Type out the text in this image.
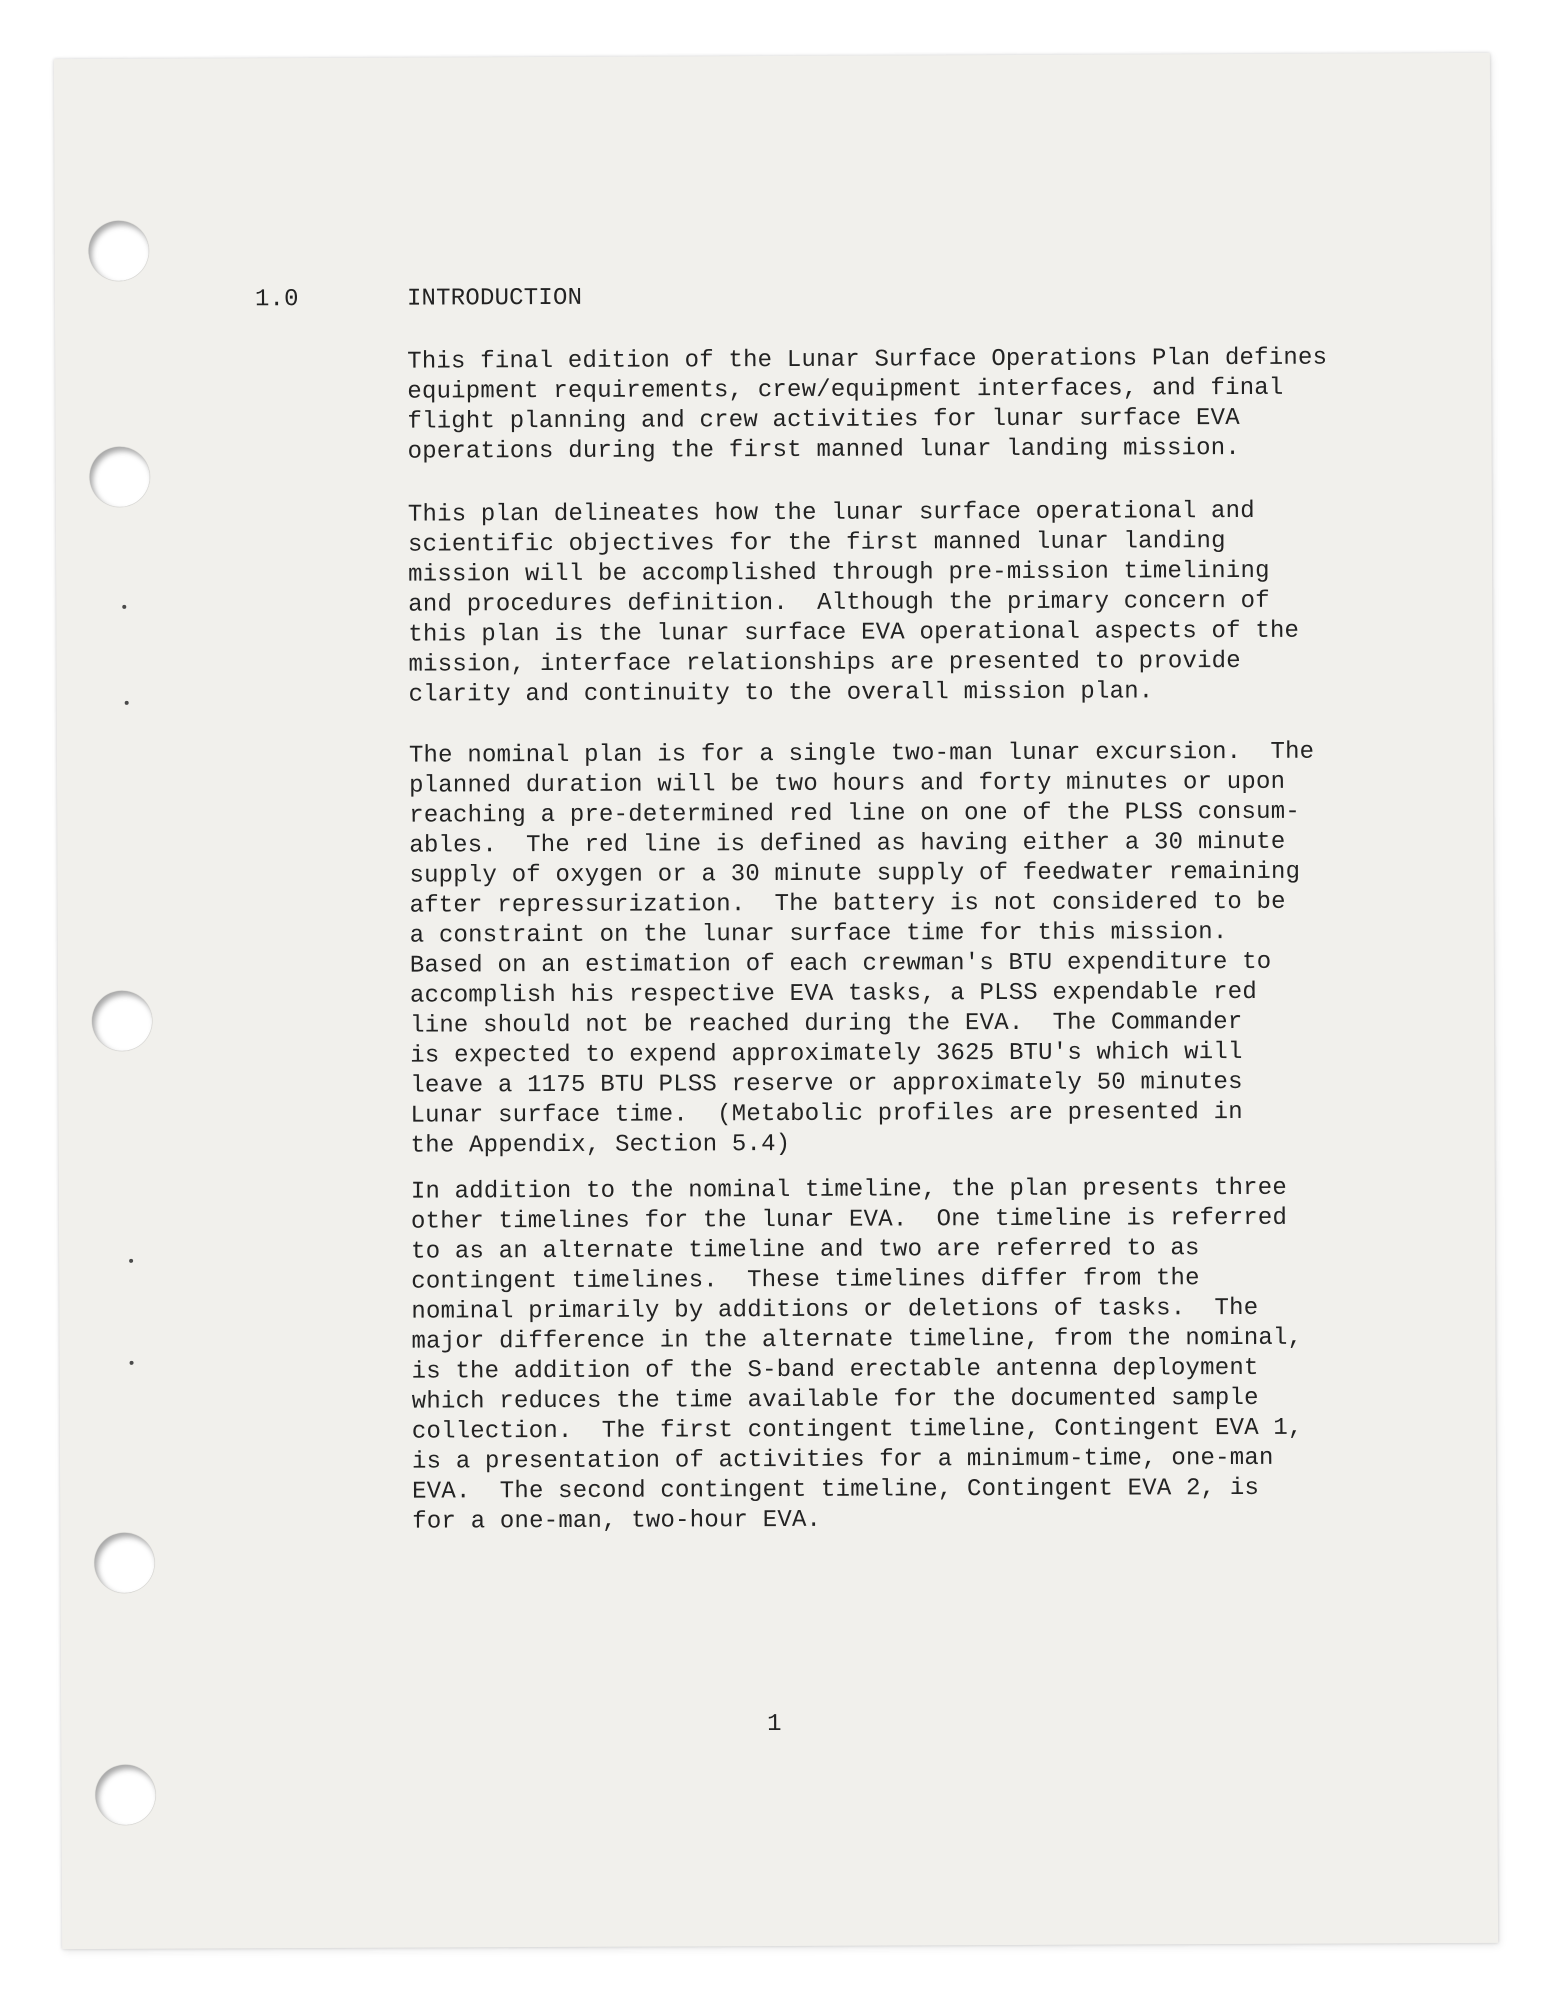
1.0	INTRODUCTION
This final edition of the Lunar Surface Operations Plan defines
equipment requirements, crew/equipment interfaces, and final
flight planning and crew activities for lunar surface EVA
operations during the first manned lunar landing mission.
This plan delineates how the lunar surface operational and
scientific objectives for the first manned lunar landing
mission will be accomplished through pre-mission timelining
and procedures definition.  Although the primary concern of
this plan is the lunar surface EVA operational aspects of the
mission, interface relationships are presented to provide
clarity and continuity to the overall mission plan.
The nominal plan is for a single two-man lunar excursion.  The
planned duration will be two hours and forty minutes or upon
reaching a pre-determined red line on one of the PLSS consum-
ables.  The red line is defined as having either a 30 minute
supply of oxygen or a 30 minute supply of feedwater remaining
after repressurization.  The battery is not considered to be
a constraint on the lunar surface time for this mission.
Based on an estimation of each crewman's BTU expenditure to
accomplish his respective EVA tasks, a PLSS expendable red
line should not be reached during the EVA.  The Commander
is expected to expend approximately 3625 BTU's which will
leave a 1175 BTU PLSS reserve or approximately 50 minutes
Lunar surface time.  (Metabolic profiles are presented in
the Appendix, Section 5.4)
In addition to the nominal timeline, the plan presents three
other timelines for the lunar EVA.  One timeline is referred
to as an alternate timeline and two are referred to as
contingent timelines.  These timelines differ from the
nominal primarily by additions or deletions of tasks.  The
major difference in the alternate timeline, from the nominal,
is the addition of the S-band erectable antenna deployment
which reduces the time available for the documented sample
collection.  The first contingent timeline, Contingent EVA 1,
is a presentation of activities for a minimum-time, one-man
EVA.  The second contingent timeline, Contingent EVA 2, is
for a one-man, two-hour EVA.
1
